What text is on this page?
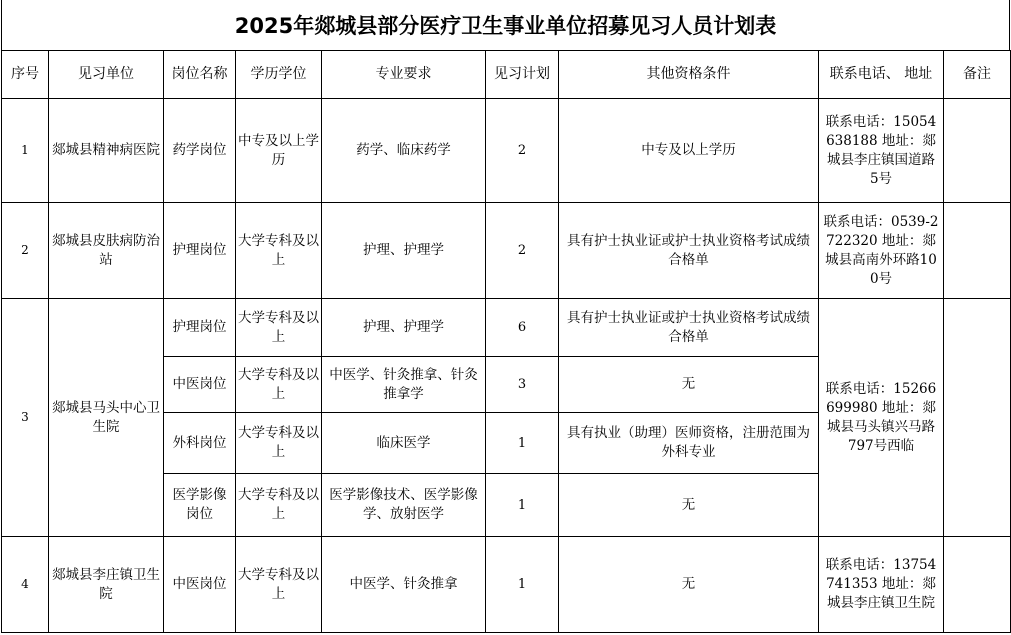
2025年郯城县部分医疗卫生事业单位招募见习人员计划表
序号	见习单位	岗位名称	学历学位	专业要求	见习计划	其他资格条件	联系电话、 地址	备注
1	郯城县精神病医院	药学岗位	中专及以上学历	药学、临床药学	2	中专及以上学历	联系电话：15054638188 地址：郯城县李庄镇国道路5号	
2	郯城县皮肤病防治站	护理岗位	大学专科及以上	护理、护理学	2	具有护士执业证或护士执业资格考试成绩合格单	联系电话：0539-2722320 地址：郯城县高南外环路100号	
3	郯城县马头中心卫生院	护理岗位	大学专科及以上	护理、护理学	6	具有护士执业证或护士执业资格考试成绩合格单	联系电话：15266699980 地址：郯城县马头镇兴马路797号西临	
		中医岗位	大学专科及以上	中医学、针灸推拿、针灸推拿学	3	无		
		外科岗位	大学专科及以上	临床医学	1	具有执业（助理）医师资格，注册范围为外科专业		
		医学影像岗位	大学专科及以上	医学影像技术、医学影像学、放射医学	1	无		
4	郯城县李庄镇卫生院	中医岗位	大学专科及以上	中医学、针灸推拿	1	无	联系电话：13754741353 地址：郯城县李庄镇卫生院	
